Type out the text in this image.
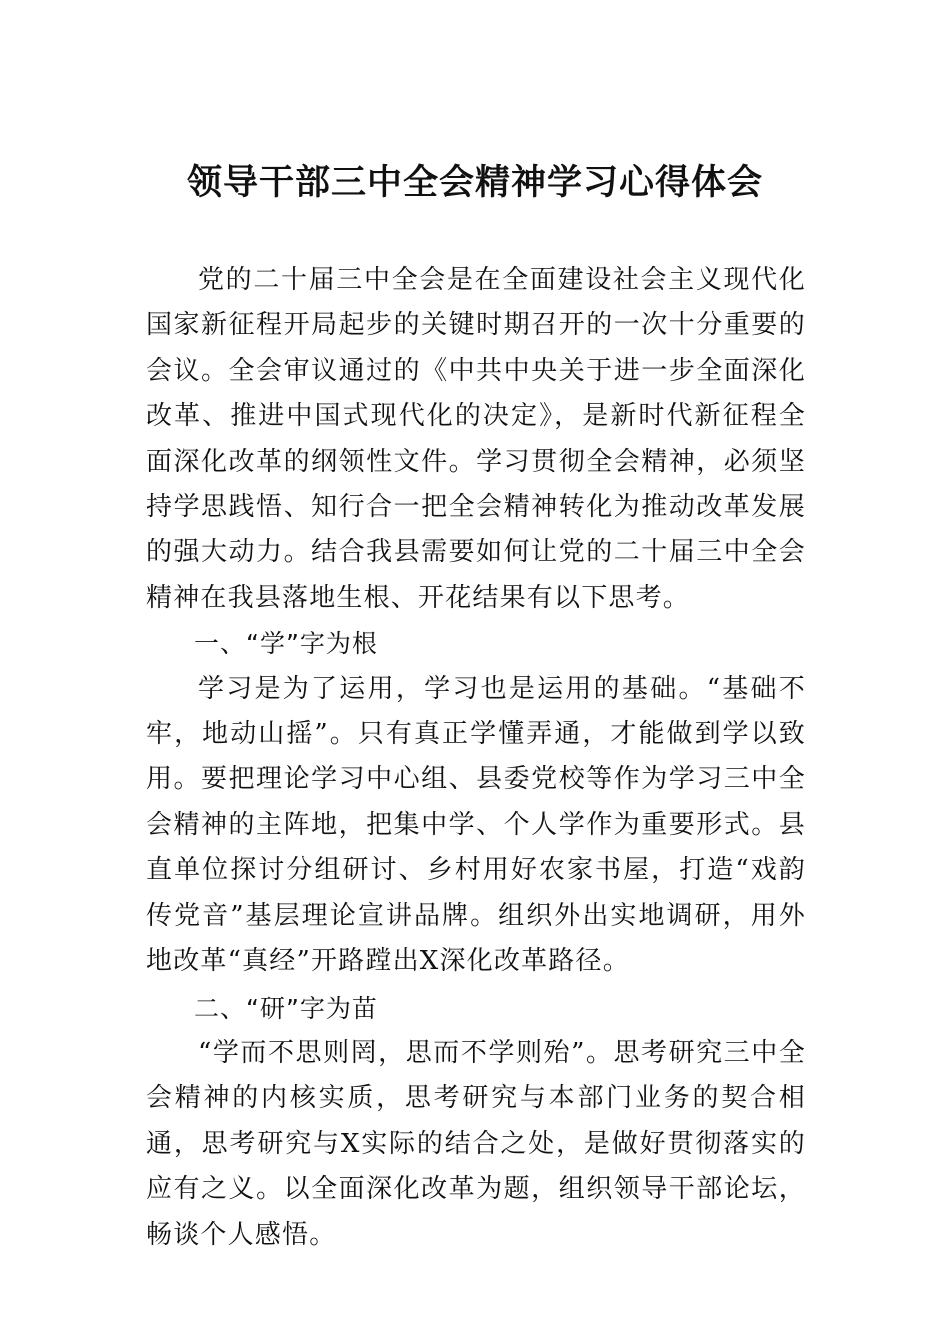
领导干部三中全会精神学习心得体会

党的二十届三中全会是在全面建设社会主义现代化国家新征程开局起步的关键时期召开的一次十分重要的会议。全会审议通过的《中共中央关于进一步全面深化改革、推进中国式现代化的决定》，是新时代新征程全面深化改革的纲领性文件。学习贯彻全会精神，必须坚持学思践悟、知行合一把全会精神转化为推动改革发展的强大动力。结合我县需要如何让党的二十届三中全会精神在我县落地生根、开花结果有以下思考。

一、“学”字为根

学习是为了运用，学习也是运用的基础。“基础不牢，地动山摇”。只有真正学懂弄通，才能做到学以致用。要把理论学习中心组、县委党校等作为学习三中全会精神的主阵地，把集中学、个人学作为重要形式。县直单位探讨分组研讨、乡村用好农家书屋，打造“戏韵传党音”基层理论宣讲品牌。组织外出实地调研，用外地改革“真经”开路蹚出X深化改革路径。

二、“研”字为苗

“学而不思则罔，思而不学则殆”。思考研究三中全会精神的内核实质，思考研究与本部门业务的契合相通，思考研究与X实际的结合之处，是做好贯彻落实的应有之义。以全面深化改革为题，组织领导干部论坛，畅谈个人感悟。
